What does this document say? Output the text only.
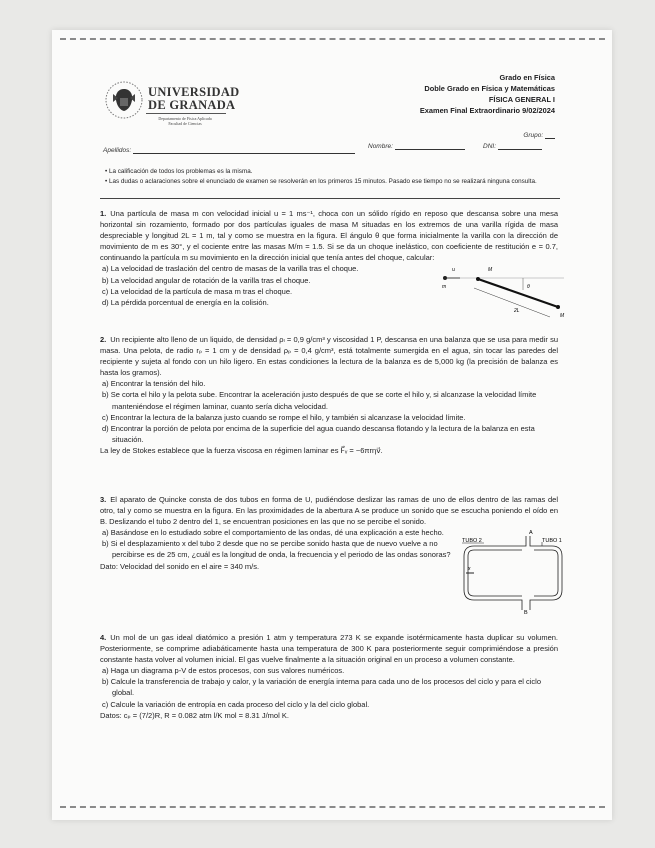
UNIVERSIDAD
DE GRANADA
Departamento de Física Aplicada
Facultad de Ciencias
Grado en Física
Doble Grado en Física y Matemáticas
FÍSICA GENERAL I
Examen Final Extraordinario 9/02/2024
Grupo:
Apellidos:
Nombre:	DNI:
• La calificación de todos los problemas es la misma.
• Las dudas o aclaraciones sobre el enunciado de examen se resolverán en los primeros 15 minutos. Pasado ese tiempo no se realizará ninguna consulta.

1. Una partícula de masa m con velocidad inicial u = 1 ms⁻¹, choca con un sólido rígido en reposo que descansa sobre una mesa horizontal sin rozamiento, formado por dos partículas iguales de masa M situadas en los extremos de una varilla rígida de masa despreciable y longitud 2L = 1 m, tal y como se muestra en la figura. El ángulo θ que forma inicialmente la varilla con la dirección de movimiento de m es 30°, y el cociente entre las masas M/m = 1.5. Si se da un choque inelástico, con coeficiente de restitución e = 0.7, continuando la partícula m su movimiento en la dirección inicial que tenía antes del choque, calcular:

a) La velocidad de traslación del centro de masas de la varilla tras el choque.

b) La velocidad angular de rotación de la varilla tras el choque.

c) La velocidad de la partícula de masa m tras el choque.

d) La pérdida porcentual de energía en la colisión.

u
m
M
M
θ
2L

2. Un recipiente alto lleno de un liquido, de densidad ρₗ = 0,9 g/cm³ y viscosidad 1 P, descansa en una balanza que se usa para medir su masa. Una pelota, de radio rₚ = 1 cm y de densidad ρₚ = 0,4 g/cm³, está totalmente sumergida en el agua, sin tocar las paredes del recipiente y sujeta al fondo con un hilo ligero. En estas condiciones la lectura de la balanza es de 5,000 kg (la precisión de balanza es hasta los gramos).

a) Encontrar la tensión del hilo.

b) Se corta el hilo y la pelota sube. Encontrar la aceleración justo después de que se corte el hilo y, si alcanzase la velocidad límite manteniéndose el régimen laminar, cuanto sería dicha velocidad.

c) Encontrar la lectura de la balanza justo cuando se rompe el hilo, y también si alcanzase la velocidad límite.

d) Encontrar la porción de pelota por encima de la superficie del agua cuando descansa flotando y la lectura de la balanza en esta situación.

La ley de Stokes establece que la fuerza viscosa en régimen laminar es F⃗ᵥ = −6πrηv⃗.

3. El aparato de Quincke consta de dos tubos en forma de U, pudiéndose deslizar las ramas de uno de ellos dentro de las ramas del otro, tal y como se muestra en la figura. En las proximidades de la abertura A se produce un sonido que se escucha poniendo el oído en B. Deslizando el tubo 2 dentro del 1, se encuentran posiciones en las que no se percibe el sonido.

a) Basándose en lo estudiado sobre el comportamiento de las ondas, dé una explicación a este hecho.

b) Si el desplazamiento x del tubo 2 desde que no se percibe sonido hasta que de nuevo vuelve a no percibirse es de 25 cm, ¿cuál es la longitud de onda, la frecuencia y el periodo de las ondas sonoras?

Dato: Velocidad del sonido en el aire = 340 m/s.

TUBO 2	TUBO 1
A
B
x

4. Un mol de un gas ideal diatómico a presión 1 atm y temperatura 273 K se expande isotérmicamente hasta duplicar su volumen. Posteriormente, se comprime adiabáticamente hasta una temperatura de 300 K para posteriormente seguir comprimiéndose a presión constante hasta volver al volumen inicial. El gas vuelve finalmente a la situación original en un proceso a volumen constante.

a) Haga un diagrama p-V de estos procesos, con sus valores numéricos.

b) Calcule la transferencia de trabajo y calor, y la variación de energía interna para cada uno de los procesos del ciclo y para el ciclo global.

c) Calcule la variación de entropía en cada proceso del ciclo y la del ciclo global.

Datos: cₚ = (7/2)R, R = 0.082 atm l/K mol = 8.31 J/mol K.
